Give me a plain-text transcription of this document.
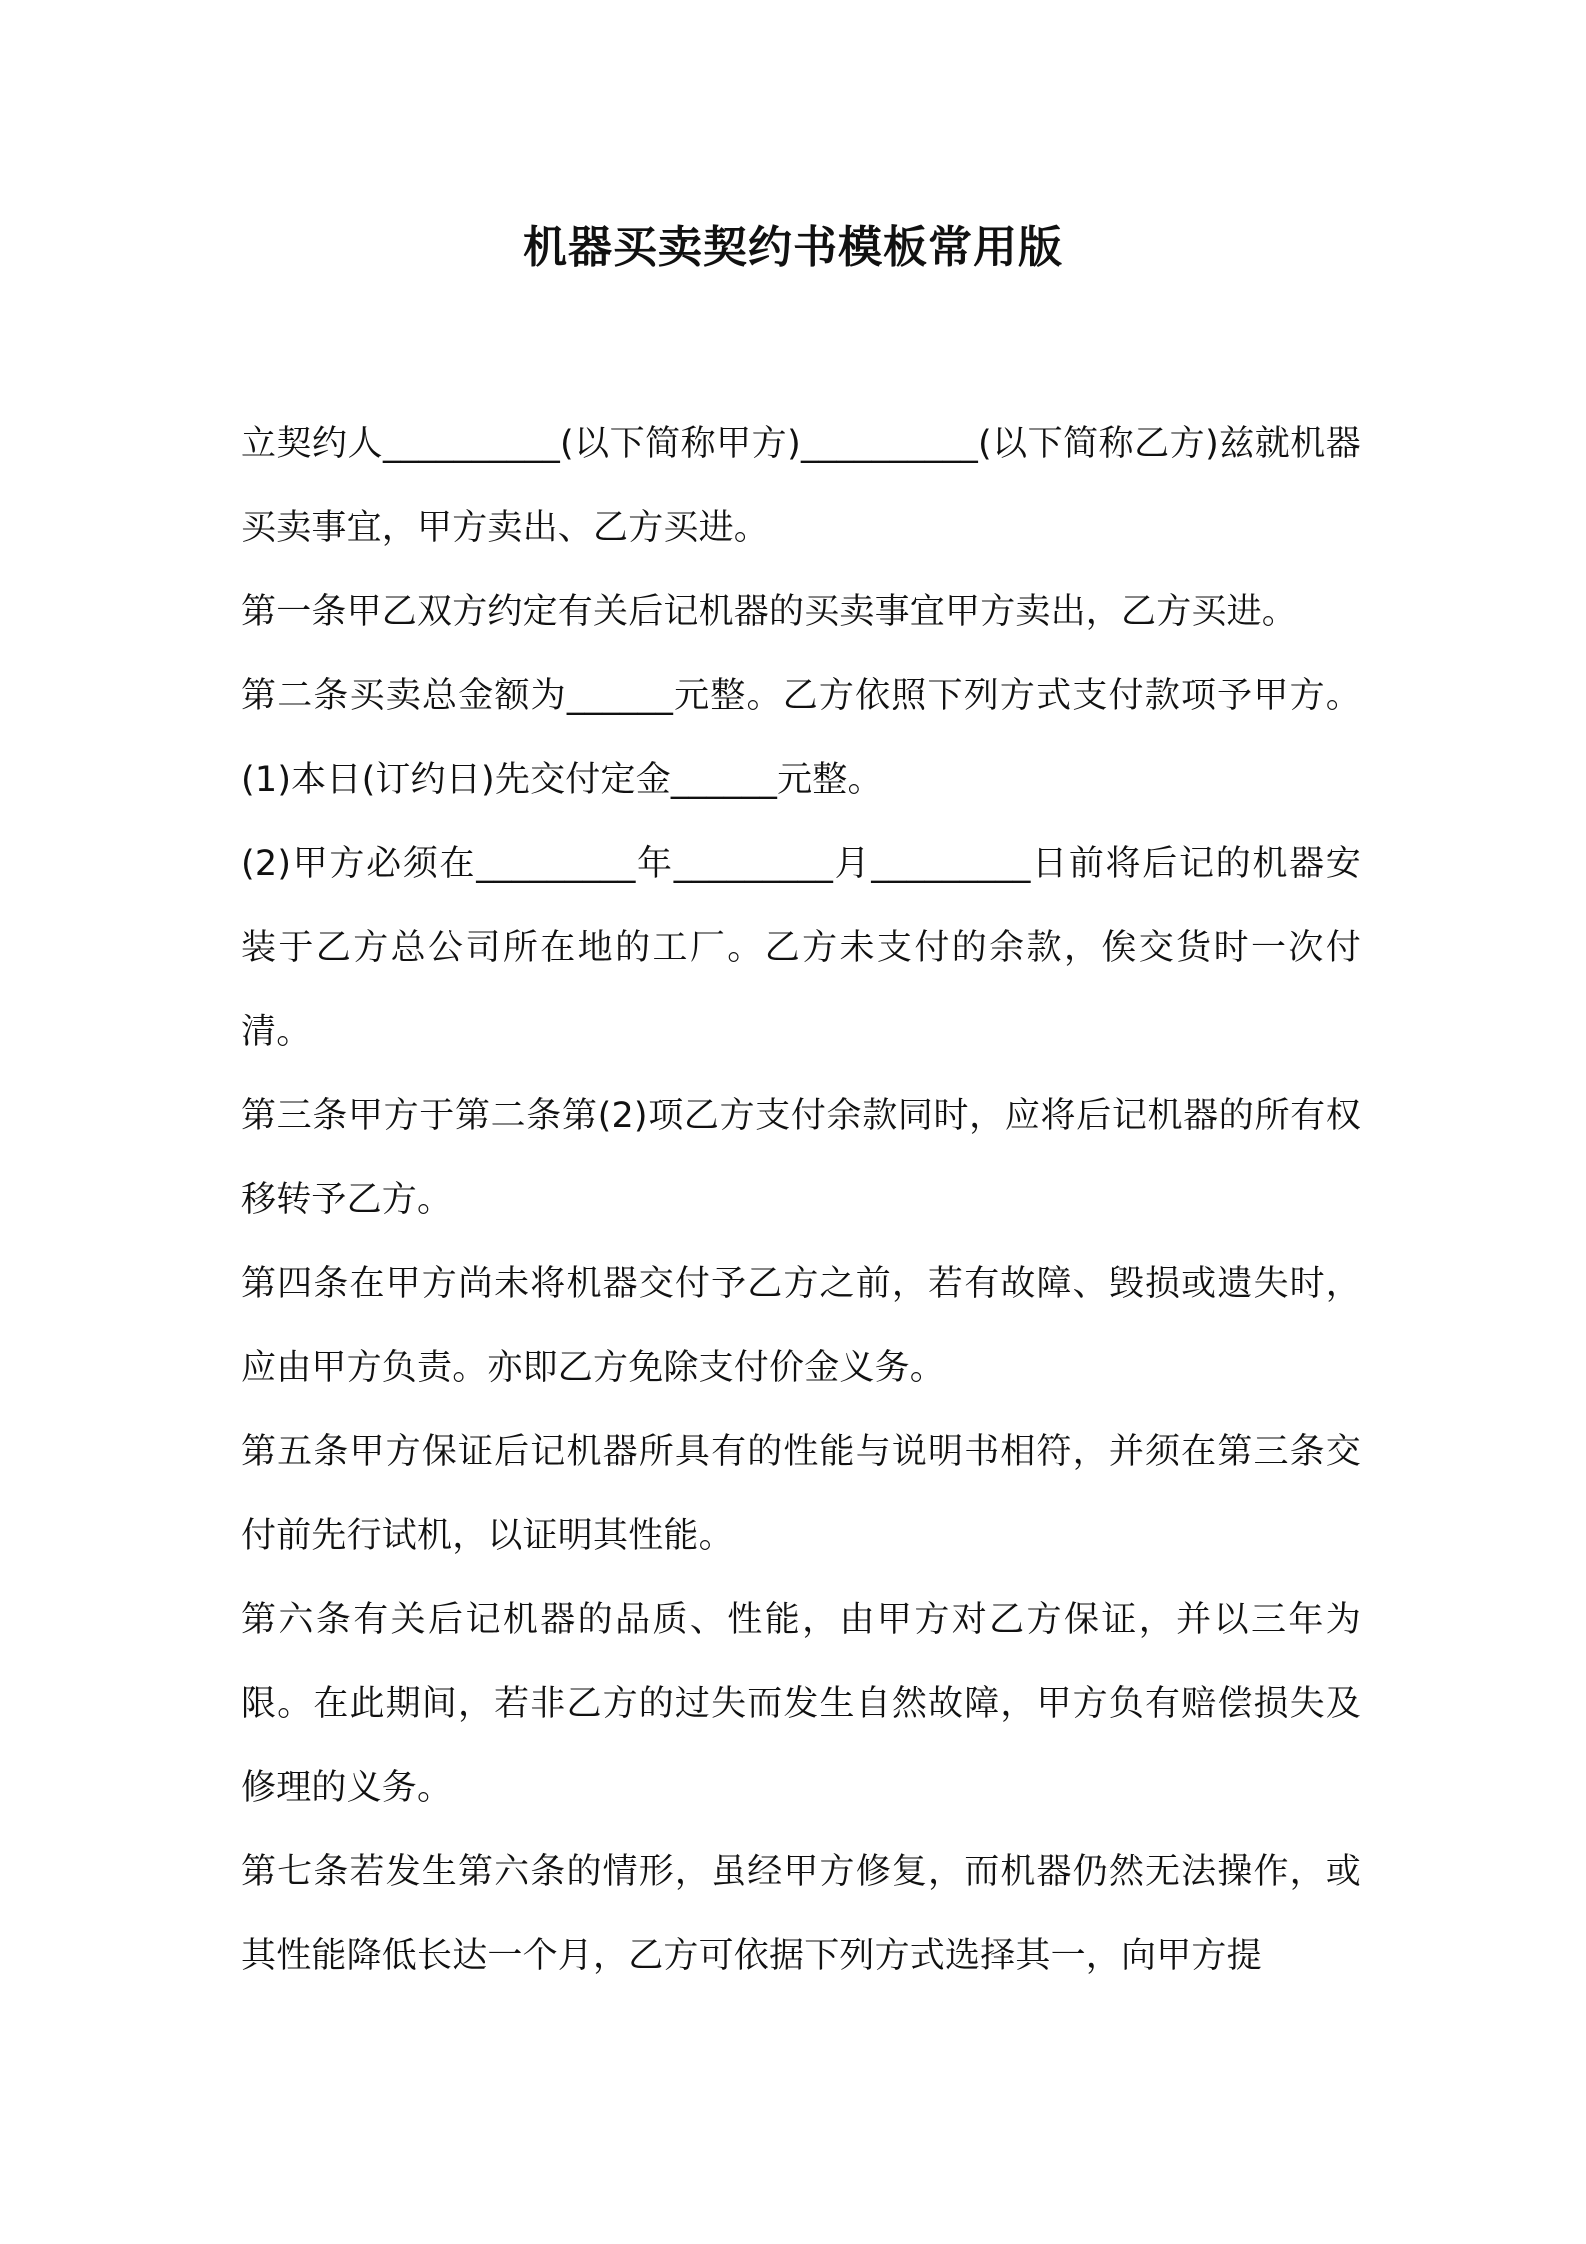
机器买卖契约书模板常用版

立契约人__________(以下简称甲方)__________(以下简称乙方)兹就机器买卖事宜，甲方卖出、乙方买进。

第一条甲乙双方约定有关后记机器的买卖事宜甲方卖出，乙方买进。

第二条买卖总金额为______元整。乙方依照下列方式支付款项予甲方。(1)本日(订约日)先交付定金______元整。

(2)甲方必须在_________年_________月_________日前将后记的机器安装于乙方总公司所在地的工厂。乙方未支付的余款，俟交货时一次付清。

第三条甲方于第二条第(2)项乙方支付余款同时，应将后记机器的所有权移转予乙方。

第四条在甲方尚未将机器交付予乙方之前，若有故障、毁损或遗失时，应由甲方负责。亦即乙方免除支付价金义务。

第五条甲方保证后记机器所具有的性能与说明书相符，并须在第三条交付前先行试机，以证明其性能。

第六条有关后记机器的品质、性能，由甲方对乙方保证，并以三年为限。在此期间，若非乙方的过失而发生自然故障，甲方负有赔偿损失及修理的义务。

第七条若发生第六条的情形，虽经甲方修复，而机器仍然无法操作，或其性能降低长达一个月，乙方可依据下列方式选择其一，向甲方提
